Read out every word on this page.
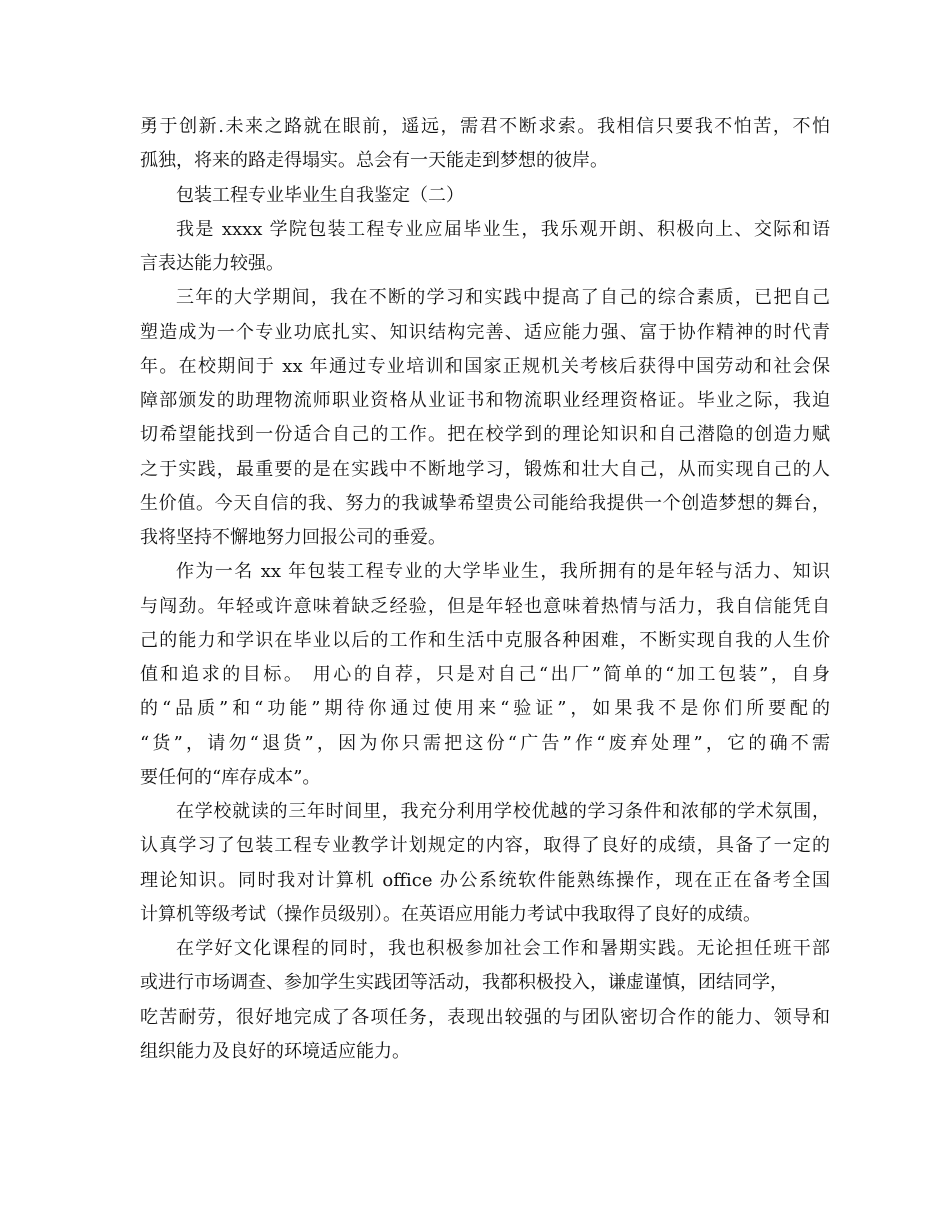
勇于创新.未来之路就在眼前，遥远，需君不断求索。我相信只要我不怕苦，不怕
孤独，将来的路走得塌实。总会有一天能走到梦想的彼岸。
包装工程专业毕业生自我鉴定（二）
我是 xxxx 学院包装工程专业应届毕业生，我乐观开朗、积极向上、交际和语
言表达能力较强。
三年的大学期间，我在不断的学习和实践中提高了自己的综合素质，已把自己
塑造成为一个专业功底扎实、知识结构完善、适应能力强、富于协作精神的时代青
年。在校期间于 xx 年通过专业培训和国家正规机关考核后获得中国劳动和社会保
障部颁发的助理物流师职业资格从业证书和物流职业经理资格证。毕业之际，我迫
切希望能找到一份适合自己的工作。把在校学到的理论知识和自己潜隐的创造力赋
之于实践，最重要的是在实践中不断地学习，锻炼和壮大自己，从而实现自己的人
生价值。今天自信的我、努力的我诚挚希望贵公司能给我提供一个创造梦想的舞台，
我将坚持不懈地努力回报公司的垂爱。
作为一名 xx 年包装工程专业的大学毕业生，我所拥有的是年轻与活力、知识
与闯劲。年轻或许意味着缺乏经验，但是年轻也意味着热情与活力，我自信能凭自
己的能力和学识在毕业以后的工作和生活中克服各种困难，不断实现自我的人生价
值和追求的目标。 用心的自荐，只是对自己“出厂”简单的“加工包装”，自身
的“品质”和“功能”期待你通过使用来“验证”，如果我不是你们所要配的
“货”，请勿“退货”，因为你只需把这份“广告”作“废弃处理”，它的确不需
要任何的“库存成本”。
在学校就读的三年时间里，我充分利用学校优越的学习条件和浓郁的学术氛围，
认真学习了包装工程专业教学计划规定的内容，取得了良好的成绩，具备了一定的
理论知识。同时我对计算机 office 办公系统软件能熟练操作，现在正在备考全国
计算机等级考试（操作员级别）。在英语应用能力考试中我取得了良好的成绩。
在学好文化课程的同时，我也积极参加社会工作和暑期实践。无论担任班干部
或进行市场调查、参加学生实践团等活动，我都积极投入，谦虚谨慎，团结同学，
吃苦耐劳，很好地完成了各项任务，表现出较强的与团队密切合作的能力、领导和
组织能力及良好的环境适应能力。
